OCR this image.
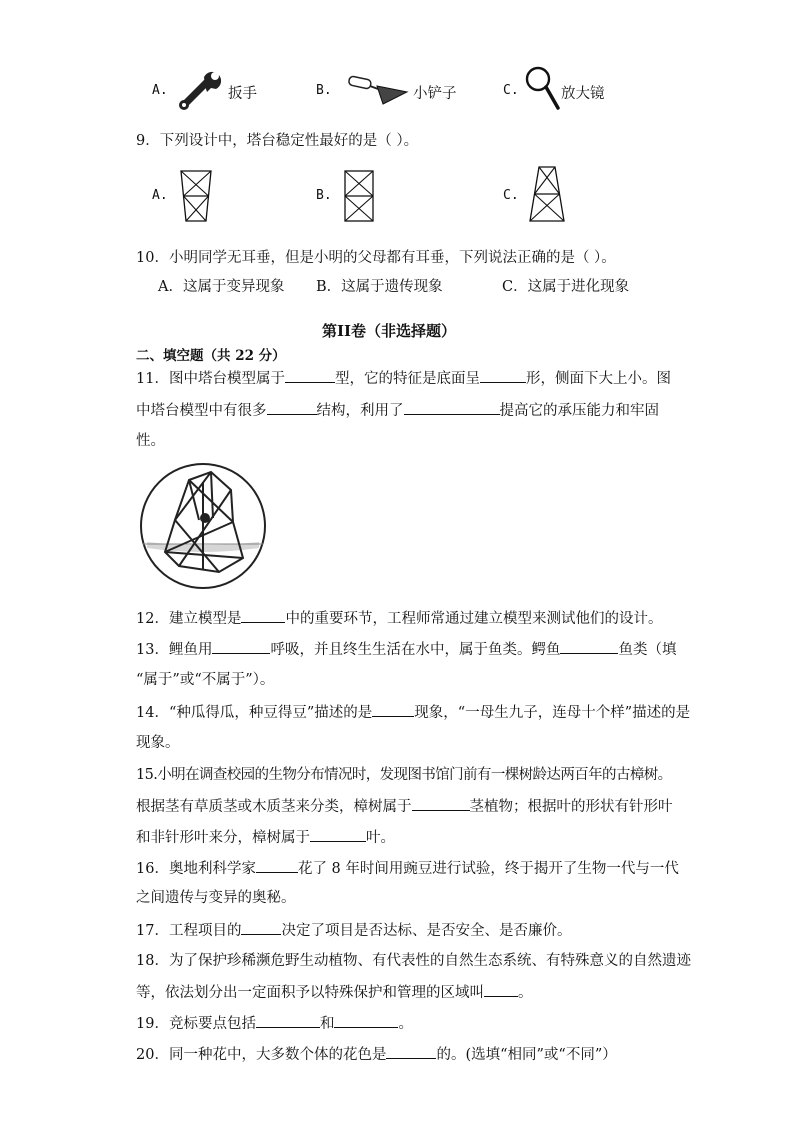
A.	扳手	B.	小铲子	C.	放大镜
9．下列设计中，塔台稳定性最好的是（ ）。
A.	B.	C.
10．小明同学无耳垂，但是小明的父母都有耳垂，下列说法正确的是（ ）。
A．这属于变异现象 B．这属于遗传现象	C．这属于进化现象
第II卷（非选择题）
二、填空题（共 22 分）
11．图中塔台模型属于	型，它的特征是底面呈	形，侧面下大上小。图
中塔台模型中有很多	结构，利用了	提高它的承压能力和牢固
性。
12．建立模型是	中的重要环节，工程师常通过建立模型来测试他们的设计。
13．鲤鱼用	呼吸，并且终生生活在水中，属于鱼类。鳄鱼	鱼类（填
“属于”或“不属于”）。
14．“种瓜得瓜，种豆得豆”描述的是	现象，“一母生九子，连母十个样”描述的是
现象。
15.小明在调查校园的生物分布情况时，发现图书馆门前有一棵树龄达两百年的古樟树。
根据茎有草质茎或木质茎来分类，樟树属于	茎植物；根据叶的形状有针形叶
和非针形叶来分，樟树属于	叶。
16．奥地利科学家	花了 8 年时间用豌豆进行试验，终于揭开了生物一代与一代
之间遗传与变异的奥秘。
17．工程项目的	决定了项目是否达标、是否安全、是否廉价。
18．为了保护珍稀濒危野生动植物、有代表性的自然生态系统、有特殊意义的自然遗迹
等，依法划分出一定面积予以特殊保护和管理的区域叫 。
19．竞标要点包括	和	。
20．同一种花中，大多数个体的花色是	的。(选填“相同”或“不同”）
